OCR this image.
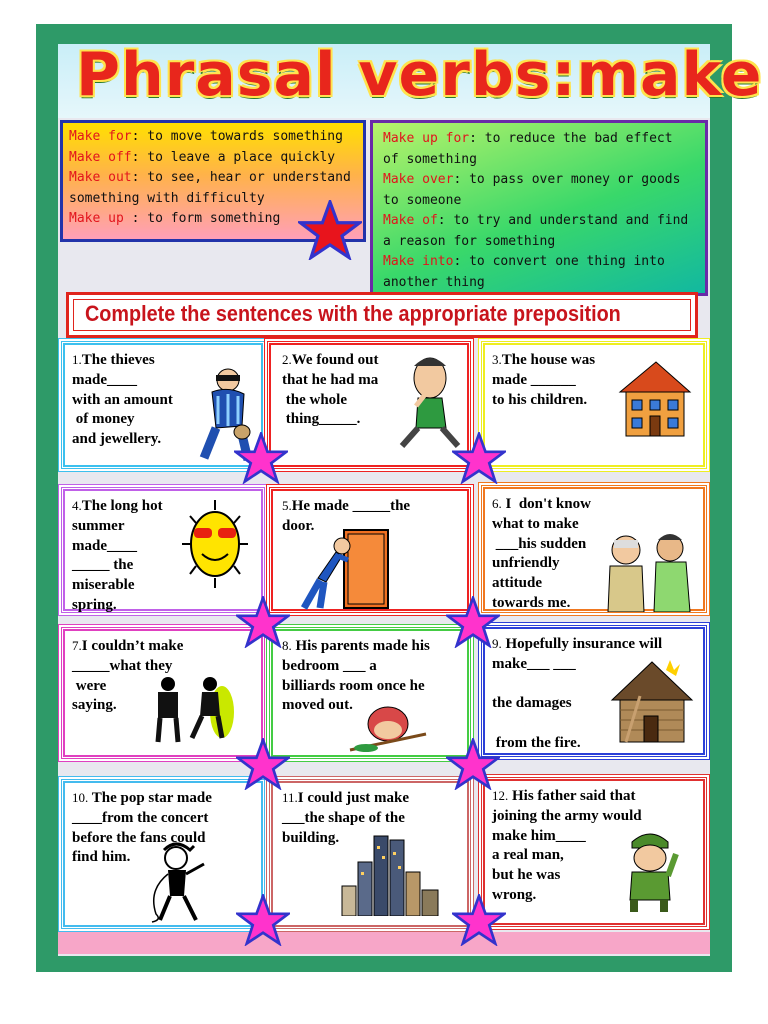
Phrasal verbs:make
Make for: to move towards something
Make off: to leave a place quickly
Make out: to see, hear or understand something with difficulty
Make up : to form something
Make up for: to reduce the bad effect of something
Make over: to pass over money or goods to someone
Make of: to try and understand and find a reason for something
Make into: to convert one thing into another thing
Complete the sentences with the appropriate preposition
1.The thieves
made____
with an amount
of money
and jewellery.
2.We found out
that he had ma
the whole
thing_____.
3.The house was
made ______
to his children.
4.The long hot
summer
made____
_____ the
miserable
spring.
5.He made _____the
door.
6. I  don't know
what to make
___his sudden
unfriendly
attitude
towards me.
7.I couldn’t make
_____what they
were
saying.
8. His parents made his
bedroom ___ a
billiards room once he
moved out.
9. Hopefully insurance will
make___ ___
the damages
from the fire.
10. The pop star made
____from the concert
before the fans could
find him.
11.I could just make
___the shape of the
building.
12. His father said that
joining the army would
make him____
a real man,
but he was
wrong.
